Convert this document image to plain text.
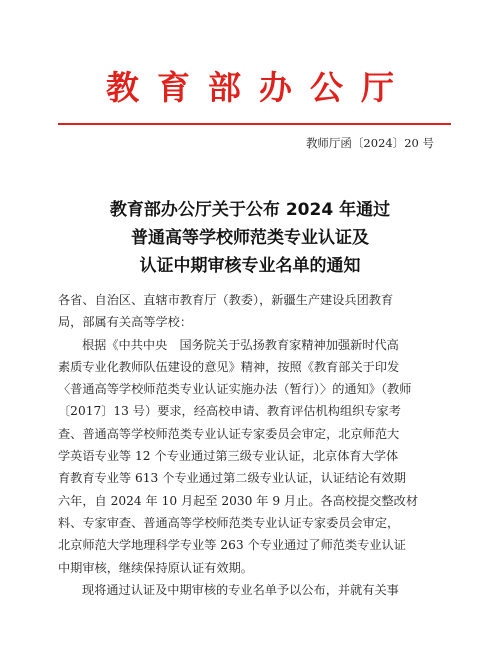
教育部办公厅
教师厅函〔2024〕20 号
教育部办公厅关于公布 2024 年通过
普通高等学校师范类专业认证及
认证中期审核专业名单的通知

各省、自治区、直辖市教育厅（教委），新疆生产建设兵团教育
局，部属有关高等学校：

根据《中共中央　国务院关于弘扬教育家精神加强新时代高
素质专业化教师队伍建设的意见》精神，按照《教育部关于印发
〈普通高等学校师范类专业认证实施办法（暂行）〉的通知》（教师
〔2017〕13 号）要求，经高校申请、教育评估机构组织专家考
查、普通高等学校师范类专业认证专家委员会审定，北京师范大
学英语专业等 12 个专业通过第三级专业认证，北京体育大学体
育教育专业等 613 个专业通过第二级专业认证，认证结论有效期
六年，自 2024 年 10 月起至 2030 年 9 月止。各高校提交整改材
料、专家审查、普通高等学校师范类专业认证专家委员会审定，
北京师范大学地理科学专业等 263 个专业通过了师范类专业认证
中期审核，继续保持原认证有效期。

现将通过认证及中期审核的专业名单予以公布，并就有关事
